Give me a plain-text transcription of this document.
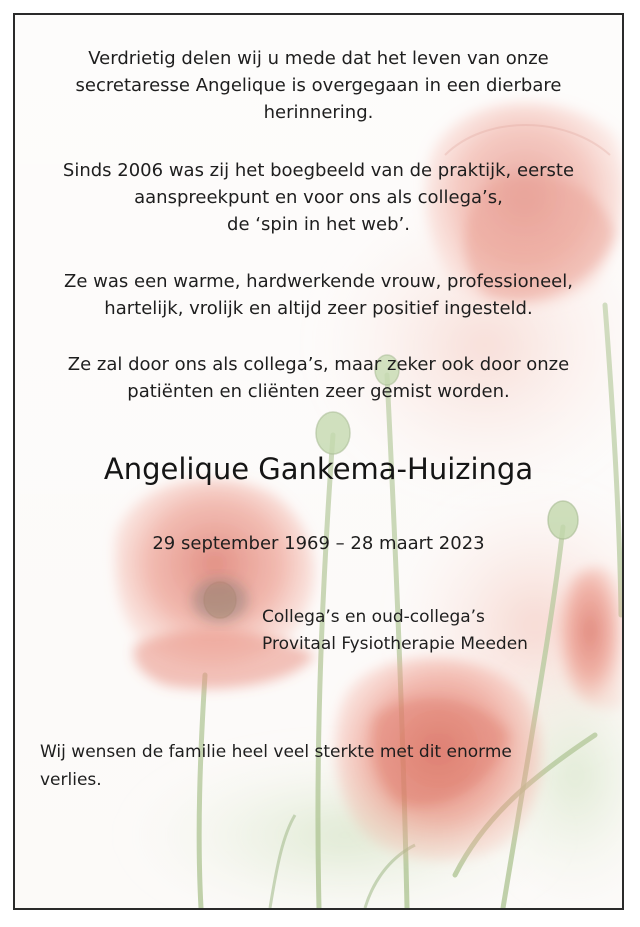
Verdrietig delen wij u mede dat het leven van onze
secretaresse Angelique is overgegaan in een dierbare
herinnering.

Sinds 2006 was zij het boegbeeld van de praktijk, eerste
aanspreekpunt en voor ons als collega’s,
de ‘spin in het web’.

Ze was een warme, hardwerkende vrouw, professioneel,
hartelijk, vrolijk en altijd zeer positief ingesteld.

Ze zal door ons als collega’s, maar zeker ook door onze
patiënten en cliënten zeer gemist worden.

Angelique Gankema-Huizinga

29 september 1969 – 28 maart 2023

Collega’s en oud-collega’s
Provitaal Fysiotherapie Meeden

Wij wensen de familie heel veel sterkte met dit enorme
verlies.
